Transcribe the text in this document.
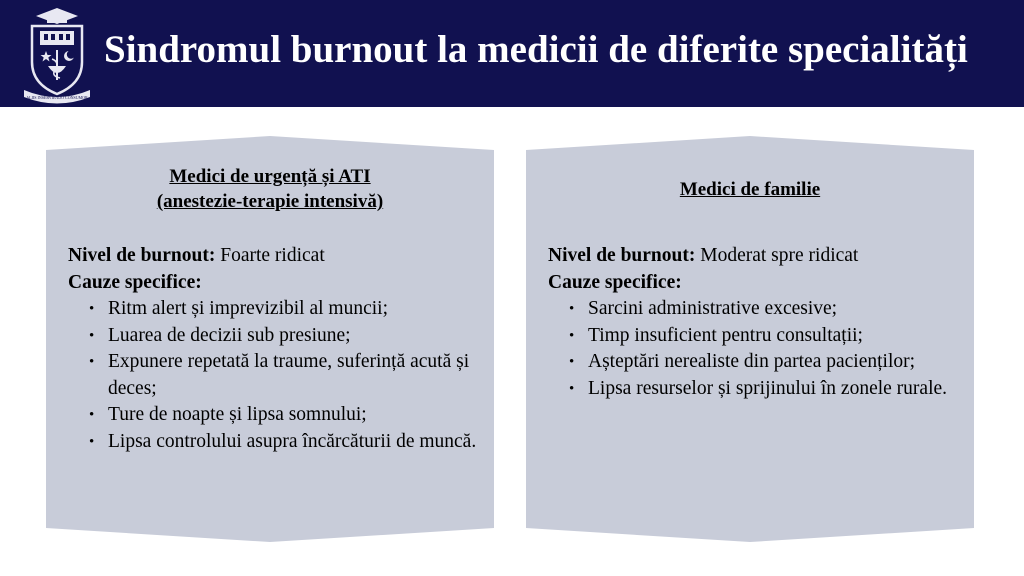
ALIIS INSERVIENDO CONSUMOR
Sindromul burnout la medicii de diferite specialități
Medici de urgență și ATI
(anestezie-terapie intensivă)
Nivel de burnout: Foarte ridicat
Cauze specifice:
• Ritm alert și imprevizibil al muncii;
• Luarea de decizii sub presiune;
• Expunere repetată la traume, suferință acută și deces;
• Ture de noapte și lipsa somnului;
• Lipsa controlului asupra încărcăturii de muncă.
Medici de familie
Nivel de burnout: Moderat spre ridicat
Cauze specifice:
• Sarcini administrative excesive;
• Timp insuficient pentru consultații;
• Așteptări nerealiste din partea pacienților;
• Lipsa resurselor și sprijinului în zonele rurale.
